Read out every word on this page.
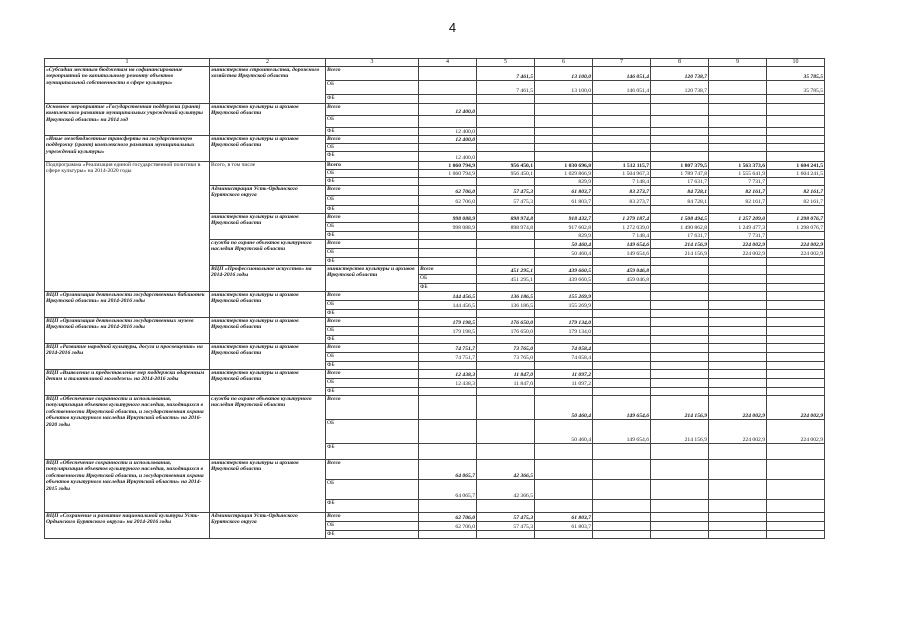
4
1	2	3	4	5	6	7	8	9	10	
«Субсидии местным бюджетам на софинансирование мероприятий по капитальному ремонту объектов муниципальной собственности в сфере культуры»	министерство строительства, дорожного хозяйства Иркутской области	Всего		7 461,5	13 100,0	146 051,4	120 738,7		35 785,5	
		ОБ		7 461,5	13 100,0	146 051,4	120 738,7		35 785,5	
		ФБ								
Основное мероприятие «Государственная поддержка (грант) комплексного развития муниципальных учреждений культуры Иркутской области» на 2014 год	министерство культуры и архивов Иркутской области	Всего	12 400,0							
		ОБ								
		ФБ	12 400,0							
«Иные межбюджетные трансферты на государственную поддержку (грант) комплексного развития муниципальных учреждений культуры»	министерство культуры и архивов Иркутской области	Всего	12 400,0							
		ОБ								
		ФБ	12 400,0							
Подпрограмма «Реализация единой государственной политики в сфере культуры» на 2014-2020 годы	Всего, в том числе	Всего	1 060 794,9	956 450,1	1 030 696,8	1 512 115,7	1 807 379,5	1 563 373,6	1 604 241,5	
		ОБ	1 060 794,9	956 450,1	1 029 866,9	1 504 967,3	1 789 747,8	1 555 641,9	1 604 241,5	
		ФБ			829,9	7 148,4	17 631,7	7 731,7		
	Администрация Усть-Ордынского Бурятского округа	Всего	62 706,0	57 475,3	61 803,7	83 273,7	84 728,1	82 161,7	82 161,7	
		ОБ	62 706,0	57 475,3	61 803,7	83 273,7	84 728,1	82 161,7	82 161,7	
		ФБ								
	министерство культуры и архивов Иркутской области	Всего	998 088,9	898 974,8	918 432,7	1 279 187,4	1 508 494,5	1 257 209,0	1 298 076,7	
		ОБ	998 088,9	898 974,8	917 602,8	1 272 039,0	1 490 862,8	1 249 477,3	1 298 076,7	
		ФБ			829,9	7 148,4	17 631,7	7 731,7		
	служба по охране объектов культурного наследия Иркутской области	Всего			50 460,4	149 654,6	214 156,9	224 002,9	224 002,9	
		ОБ			50 460,4	149 654,6	214 156,9	224 002,9	224 002,9	
		ФБ								
	ВЦП «Профессиональное искусство» на 2014-2016 годы	министерство культуры и архивов Иркутской области	Всего	451 295,1	439 660,5	459 046,8				
			ОБ	451 295,1	439 660,5	459 046,8				
			ФБ							
ВЦП «Организация деятельности государственных библиотек Иркутской области» на 2014-2016 годы	министерство культуры и архивов Иркутской области	Всего	144 456,5	136 186,5	155 269,9					
		ОБ	144 456,5	136 186,5	155 269,9					
		ФБ								
ВЦП «Организация деятельности государственных музеев Иркутской области» на 2014-2016 годы	министерство культуры и архивов Иркутской области	Всего	179 198,5	176 650,0	179 134,0					
		ОБ	179 198,5	176 650,0	179 134,0					
		ФБ								
ВЦП «Развитие народной культуры, досуга и просвещения» на 2014-2016 годы	министерство культуры и архивов Иркутской области	Всего	74 751,7	73 765,0	74 058,4					
		ОБ	74 751,7	73 765,0	74 058,4					
		ФБ								
ВЦП «Выявление и предоставление мер поддержки одаренным детям и талантливой молодежи» на 2014-2016 годы	министерство культуры и архивов Иркутской области	Всего	12 438,3	11 847,0	11 097,2					
		ОБ	12 438,3	11 847,0	11 097,2					
		ФБ								
ВЦП «Обеспечение сохранности и использования, популяризация объектов культурного наследия, находящихся в собственности Иркутской области, и государственная охрана объектов культурного наследия Иркутской области» на 2016-2020 годы	служба по охране объектов культурного наследия Иркутской области	Всего			50 460,4	149 654,6	214 156,9	224 002,9	224 002,9	
		ОБ			50 460,4	149 654,6	214 156,9	224 002,9	224 002,9	
		ФБ								
ВЦП «Обеспечение сохранности и использования, популяризация объектов культурного наследия, находящихся в собственности Иркутской области, и государственная охрана объектов культурного наследия Иркутской области» на 2014-2015 годы	министерство культуры и архивов Иркутской области	Всего	64 065,7	42 366,5						
		ОБ	64 065,7	42 366,5						
		ФБ								
ВЦП «Сохранение и развитие национальной культуры Усть-Ордынского Бурятского округа» на 2014-2016 годы	Администрация Усть-Ордынского Бурятского округа	Всего	62 706,0	57 475,3	61 803,7					
		ОБ	62 706,0	57 475,3	61 803,7					
		ФБ								
